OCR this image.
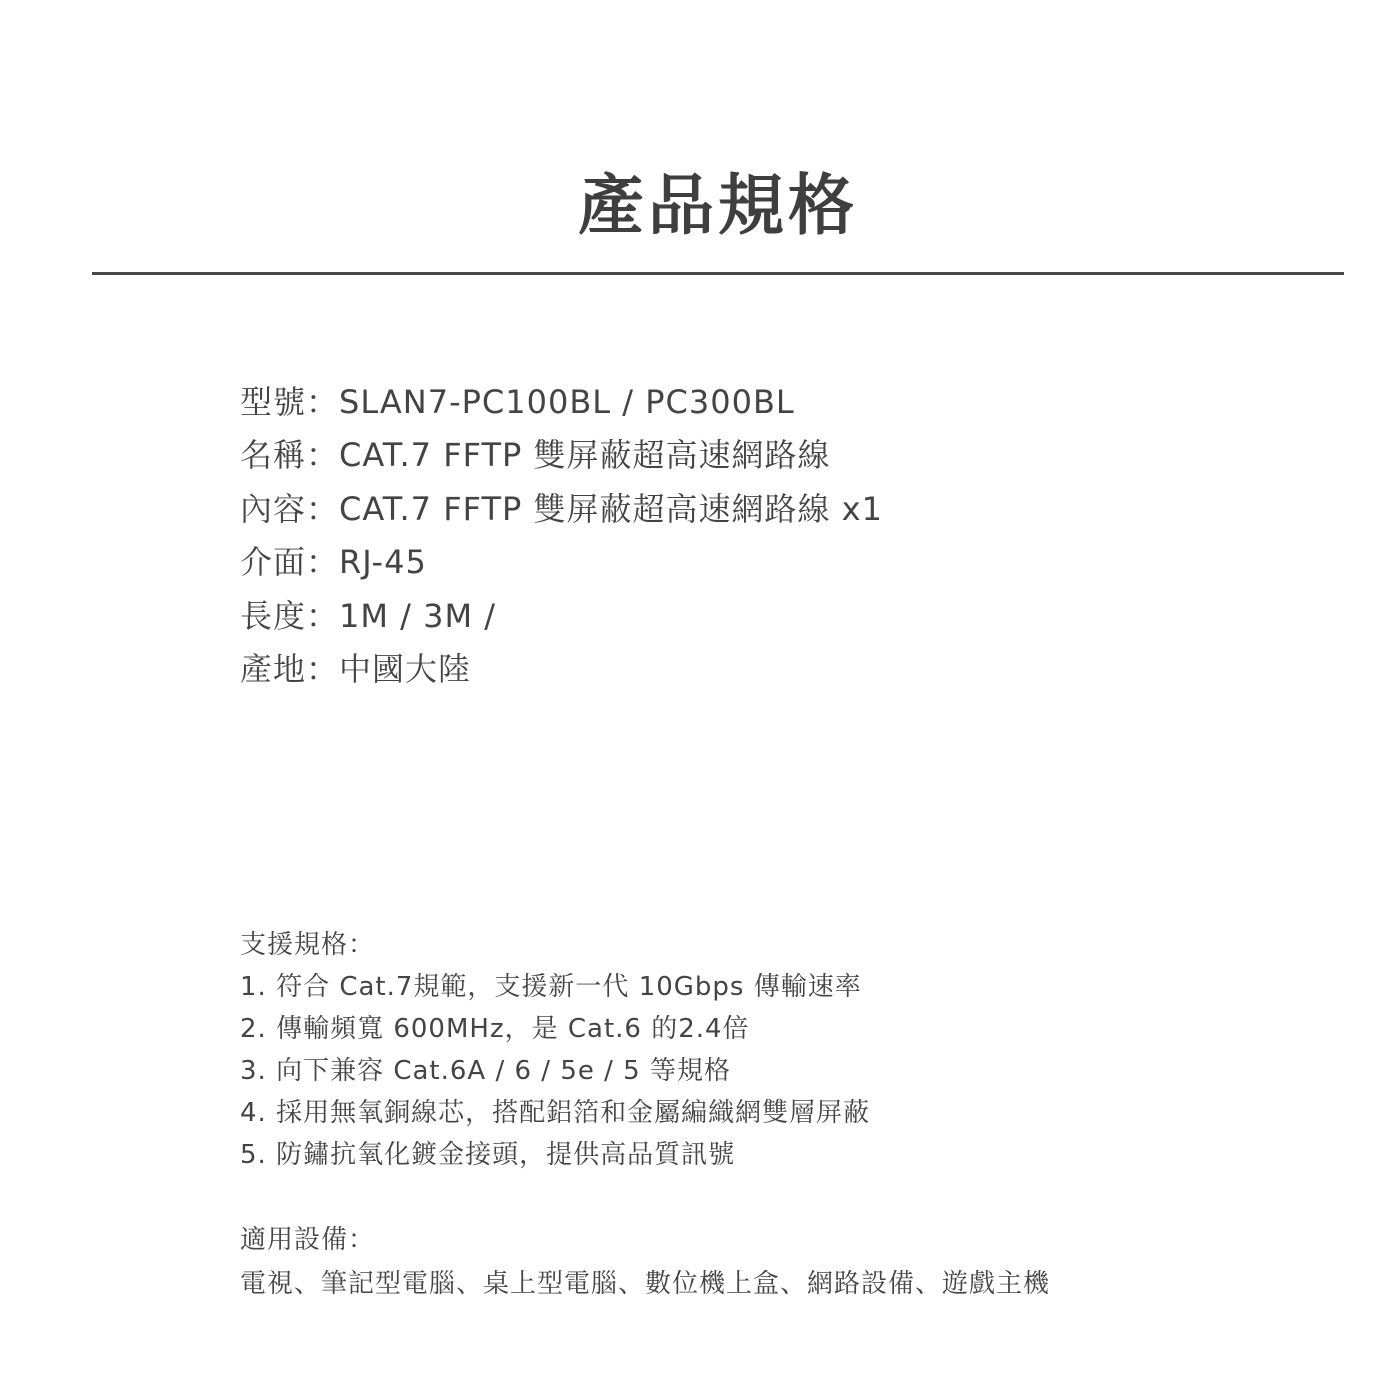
產品規格
型號：SLAN7-PC100BL / PC300BL
名稱：CAT.7 FFTP 雙屏蔽超高速網路線
內容：CAT.7 FFTP 雙屏蔽超高速網路線 x1
介面：RJ-45
長度：1M / 3M /
產地：中國大陸
支援規格：
1. 符合 Cat.7規範，支援新一代 10Gbps 傳輸速率
2. 傳輸頻寬 600MHz，是 Cat.6 的2.4倍
3. 向下兼容 Cat.6A / 6 / 5e / 5 等規格
4. 採用無氧銅線芯，搭配鋁箔和金屬編織網雙層屏蔽
5. 防鏽抗氧化鍍金接頭，提供高品質訊號
適用設備：
電視、筆記型電腦、桌上型電腦、數位機上盒、網路設備、遊戲主機
